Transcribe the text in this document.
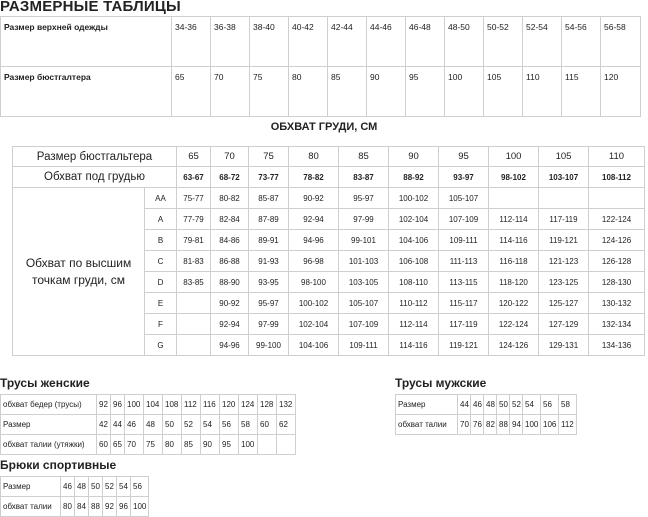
РАЗМЕРНЫЕ ТАБЛИЦЫ
Размер верхней одежды	34-36	36-38	38-40	40-42	42-44	44-46	46-48	48-50	50-52	52-54	54-56	56-58
Размер бюстгалтера	65	70	75	80	85	90	95	100	105	110	115	120
ОБХВАТ ГРУДИ, СМ
Размер бюстгальтера		65	70	75	80	85	90	95	100	105	110
Обхват под грудью		63-67	68-72	73-77	78-82	83-87	88-92	93-97	98-102	103-107	108-112
Обхват по высшим точкам груди, см	AA	75-77	80-82	85-87	90-92	95-97	100-102	105-107			
	A	77-79	82-84	87-89	92-94	97-99	102-104	107-109	112-114	117-119	122-124
	B	79-81	84-86	89-91	94-96	99-101	104-106	109-111	114-116	119-121	124-126
	C	81-83	86-88	91-93	96-98	101-103	106-108	111-113	116-118	121-123	126-128
	D	83-85	88-90	93-95	98-100	103-105	108-110	113-115	118-120	123-125	128-130
	E		90-92	95-97	100-102	105-107	110-112	115-117	120-122	125-127	130-132
	F		92-94	97-99	102-104	107-109	112-114	117-119	122-124	127-129	132-134
	G		94-96	99-100	104-106	109-111	114-116	119-121	124-126	129-131	134-136
Трусы женские
обхват бедер (трусы)	92	96	100	104	108	112	116	120	124	128	132
Размер	42	44	46	48	50	52	54	56	58	60	62
обхват талии (утяжки)	60	65	70	75	80	85	90	95	100		
Трусы мужские
Размер	44	46	48	50	52	54	56	58
обхват талии	70	76	82	88	94	100	106	112
Брюки спортивные
Размер	46	48	50	52	54	56
обхват талии	80	84	88	92	96	100
